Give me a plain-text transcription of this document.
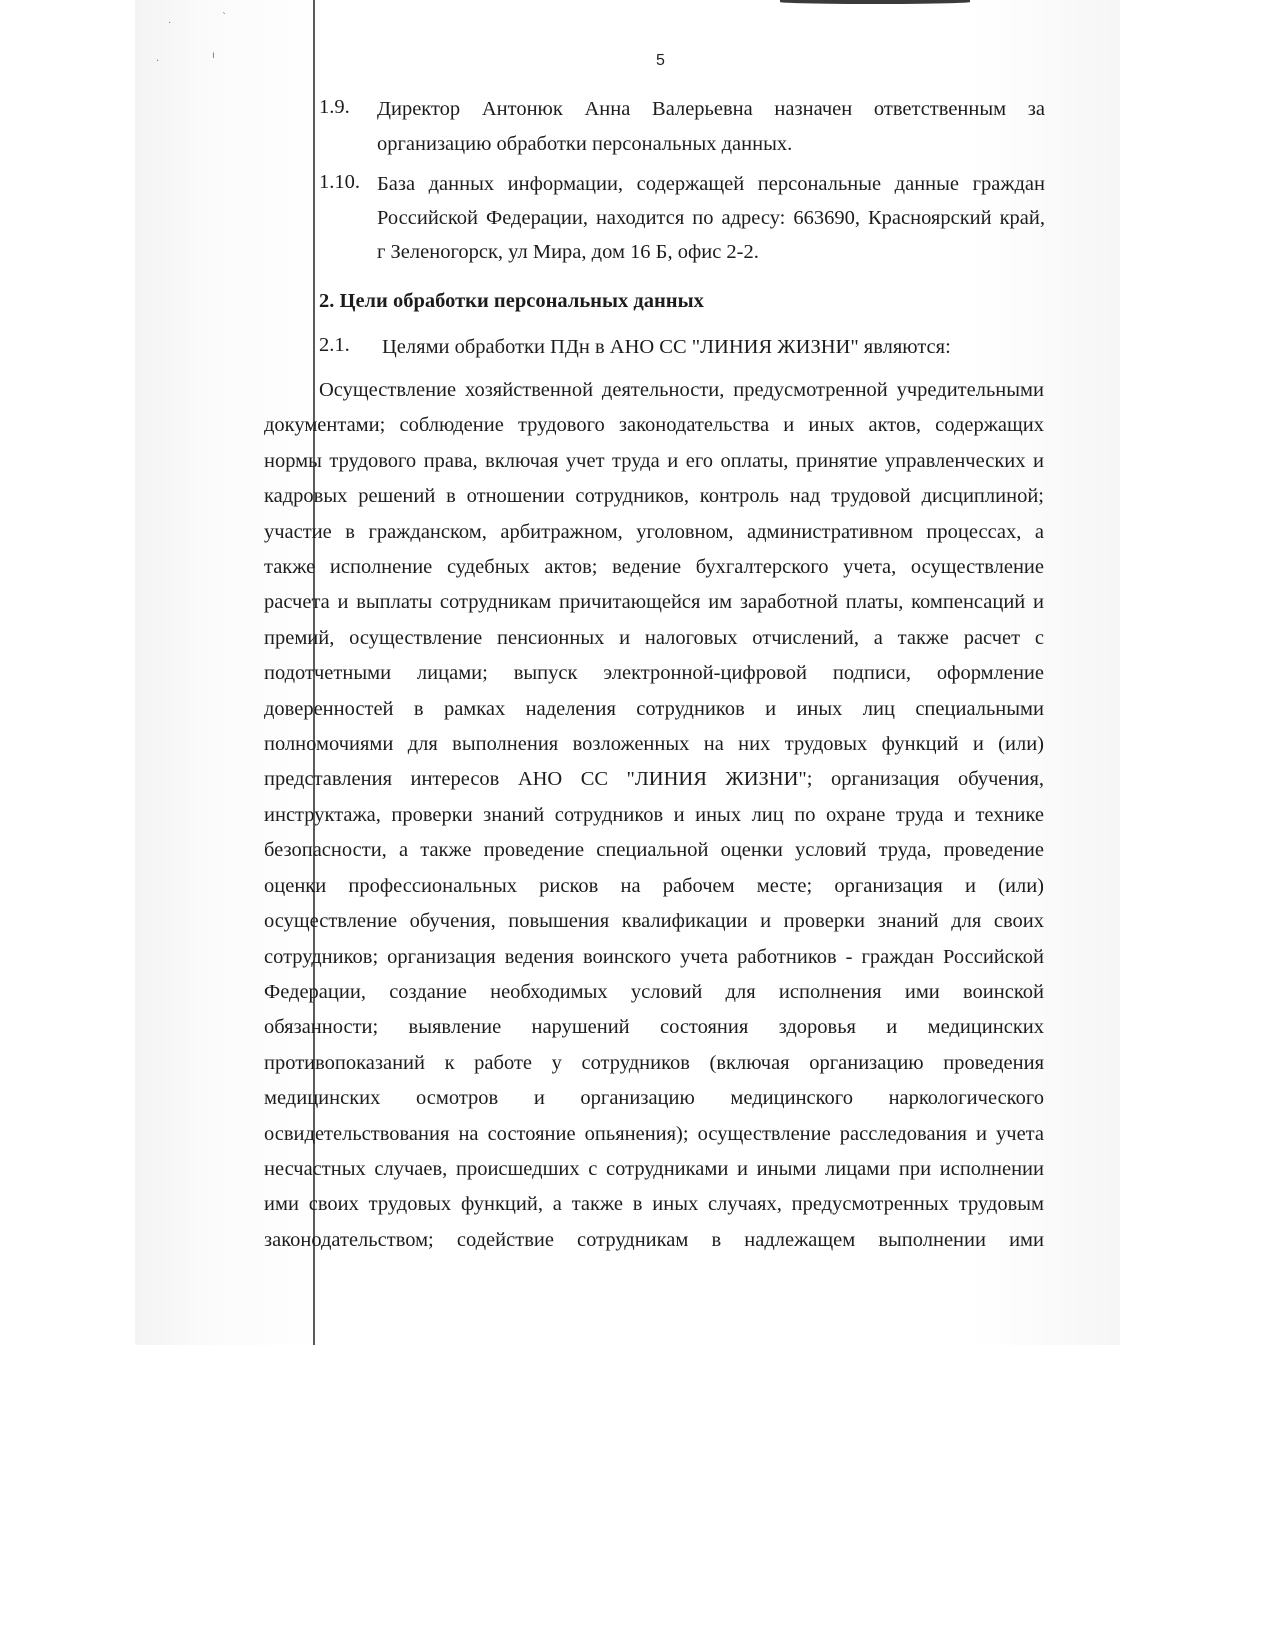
·
ˋ
ı
·	5
1.9. Директор Антонюк Анна Валерьевна назначен ответственным за
организацию обработки персональных данных.
1.10. База данных информации, содержащей персональные данные граждан
Российской Федерации, находится по адресу: 663690, Красноярский край,
г Зеленогорск, ул Мира, дом 16 Б, офис 2-2.
2. Цели обработки персональных данных
2.1. Целями обработки ПДн в АНО СС "ЛИНИЯ ЖИЗНИ" являются:
Осуществление хозяйственной деятельности, предусмотренной учредительными
документами; соблюдение трудового законодательства и иных актов, содержащих
нормы трудового права, включая учет труда и его оплаты, принятие управленческих и
кадровых решений в отношении сотрудников, контроль над трудовой дисциплиной;
участие в гражданском, арбитражном, уголовном, административном процессах, а
также исполнение судебных актов; ведение бухгалтерского учета, осуществление
расчета и выплаты сотрудникам причитающейся им заработной платы, компенсаций и
премий, осуществление пенсионных и налоговых отчислений, а также расчет с
подотчетными лицами; выпуск электронной-цифровой подписи, оформление
доверенностей в рамках наделения сотрудников и иных лиц специальными
полномочиями для выполнения возложенных на них трудовых функций и (или)
представления интересов АНО СС "ЛИНИЯ ЖИЗНИ"; организация обучения,
инструктажа, проверки знаний сотрудников и иных лиц по охране труда и технике
безопасности, а также проведение специальной оценки условий труда, проведение
оценки профессиональных рисков на рабочем месте; организация и (или)
осуществление обучения, повышения квалификации и проверки знаний для своих
сотрудников; организация ведения воинского учета работников - граждан Российской
Федерации, создание необходимых условий для исполнения ими воинской
обязанности; выявление нарушений состояния здоровья и медицинских
противопоказаний к работе у сотрудников (включая организацию проведения
медицинских осмотров и организацию медицинского наркологического
освидетельствования на состояние опьянения); осуществление расследования и учета
несчастных случаев, происшедших с сотрудниками и иными лицами при исполнении
ими своих трудовых функций, а также в иных случаях, предусмотренных трудовым
законодательством; содействие сотрудникам в надлежащем выполнении ими
